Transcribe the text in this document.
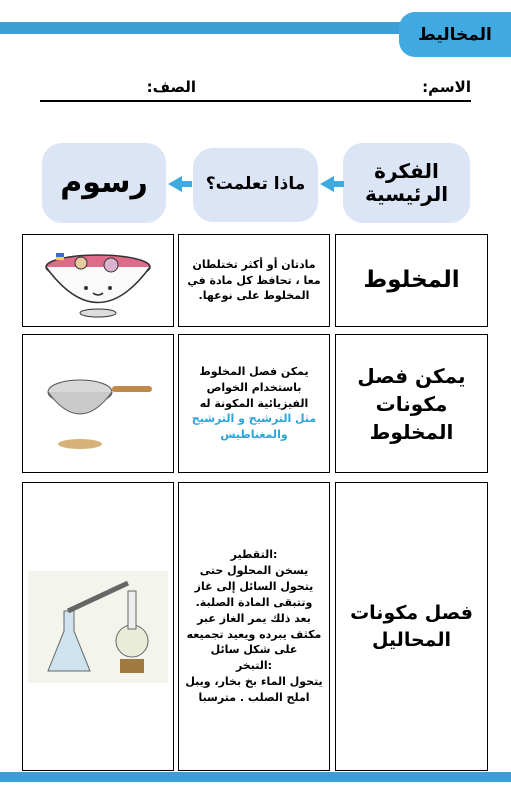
المخاليط
الاسم:
الصف:
الفكرة الرئيسية
ماذا تعلمت؟
رسوم
المخلوط
مادتان أو أكثر تختلطان معا ، تحافظ كل مادة في المخلوط على نوعها.
يمكن فصل مكونات المخلوط
يمكن فصل المخلوط باستخدام الخواص الفيزيائية المكونة له
مثل الترشيح و الترشيح والمغناطيس
فصل مكونات المحاليل
:التقطير
يسخن المحلول حتى يتحول السائل إلى غاز وتتبقى المادة الصلبة.
بعد ذلك يمر الغاز عبر مكثف يبرده ويعيد تجميعه على شكل سائل
:التبخر
يتحول الماء بخ بخار، ويبل املح الصلب . مترسبا
